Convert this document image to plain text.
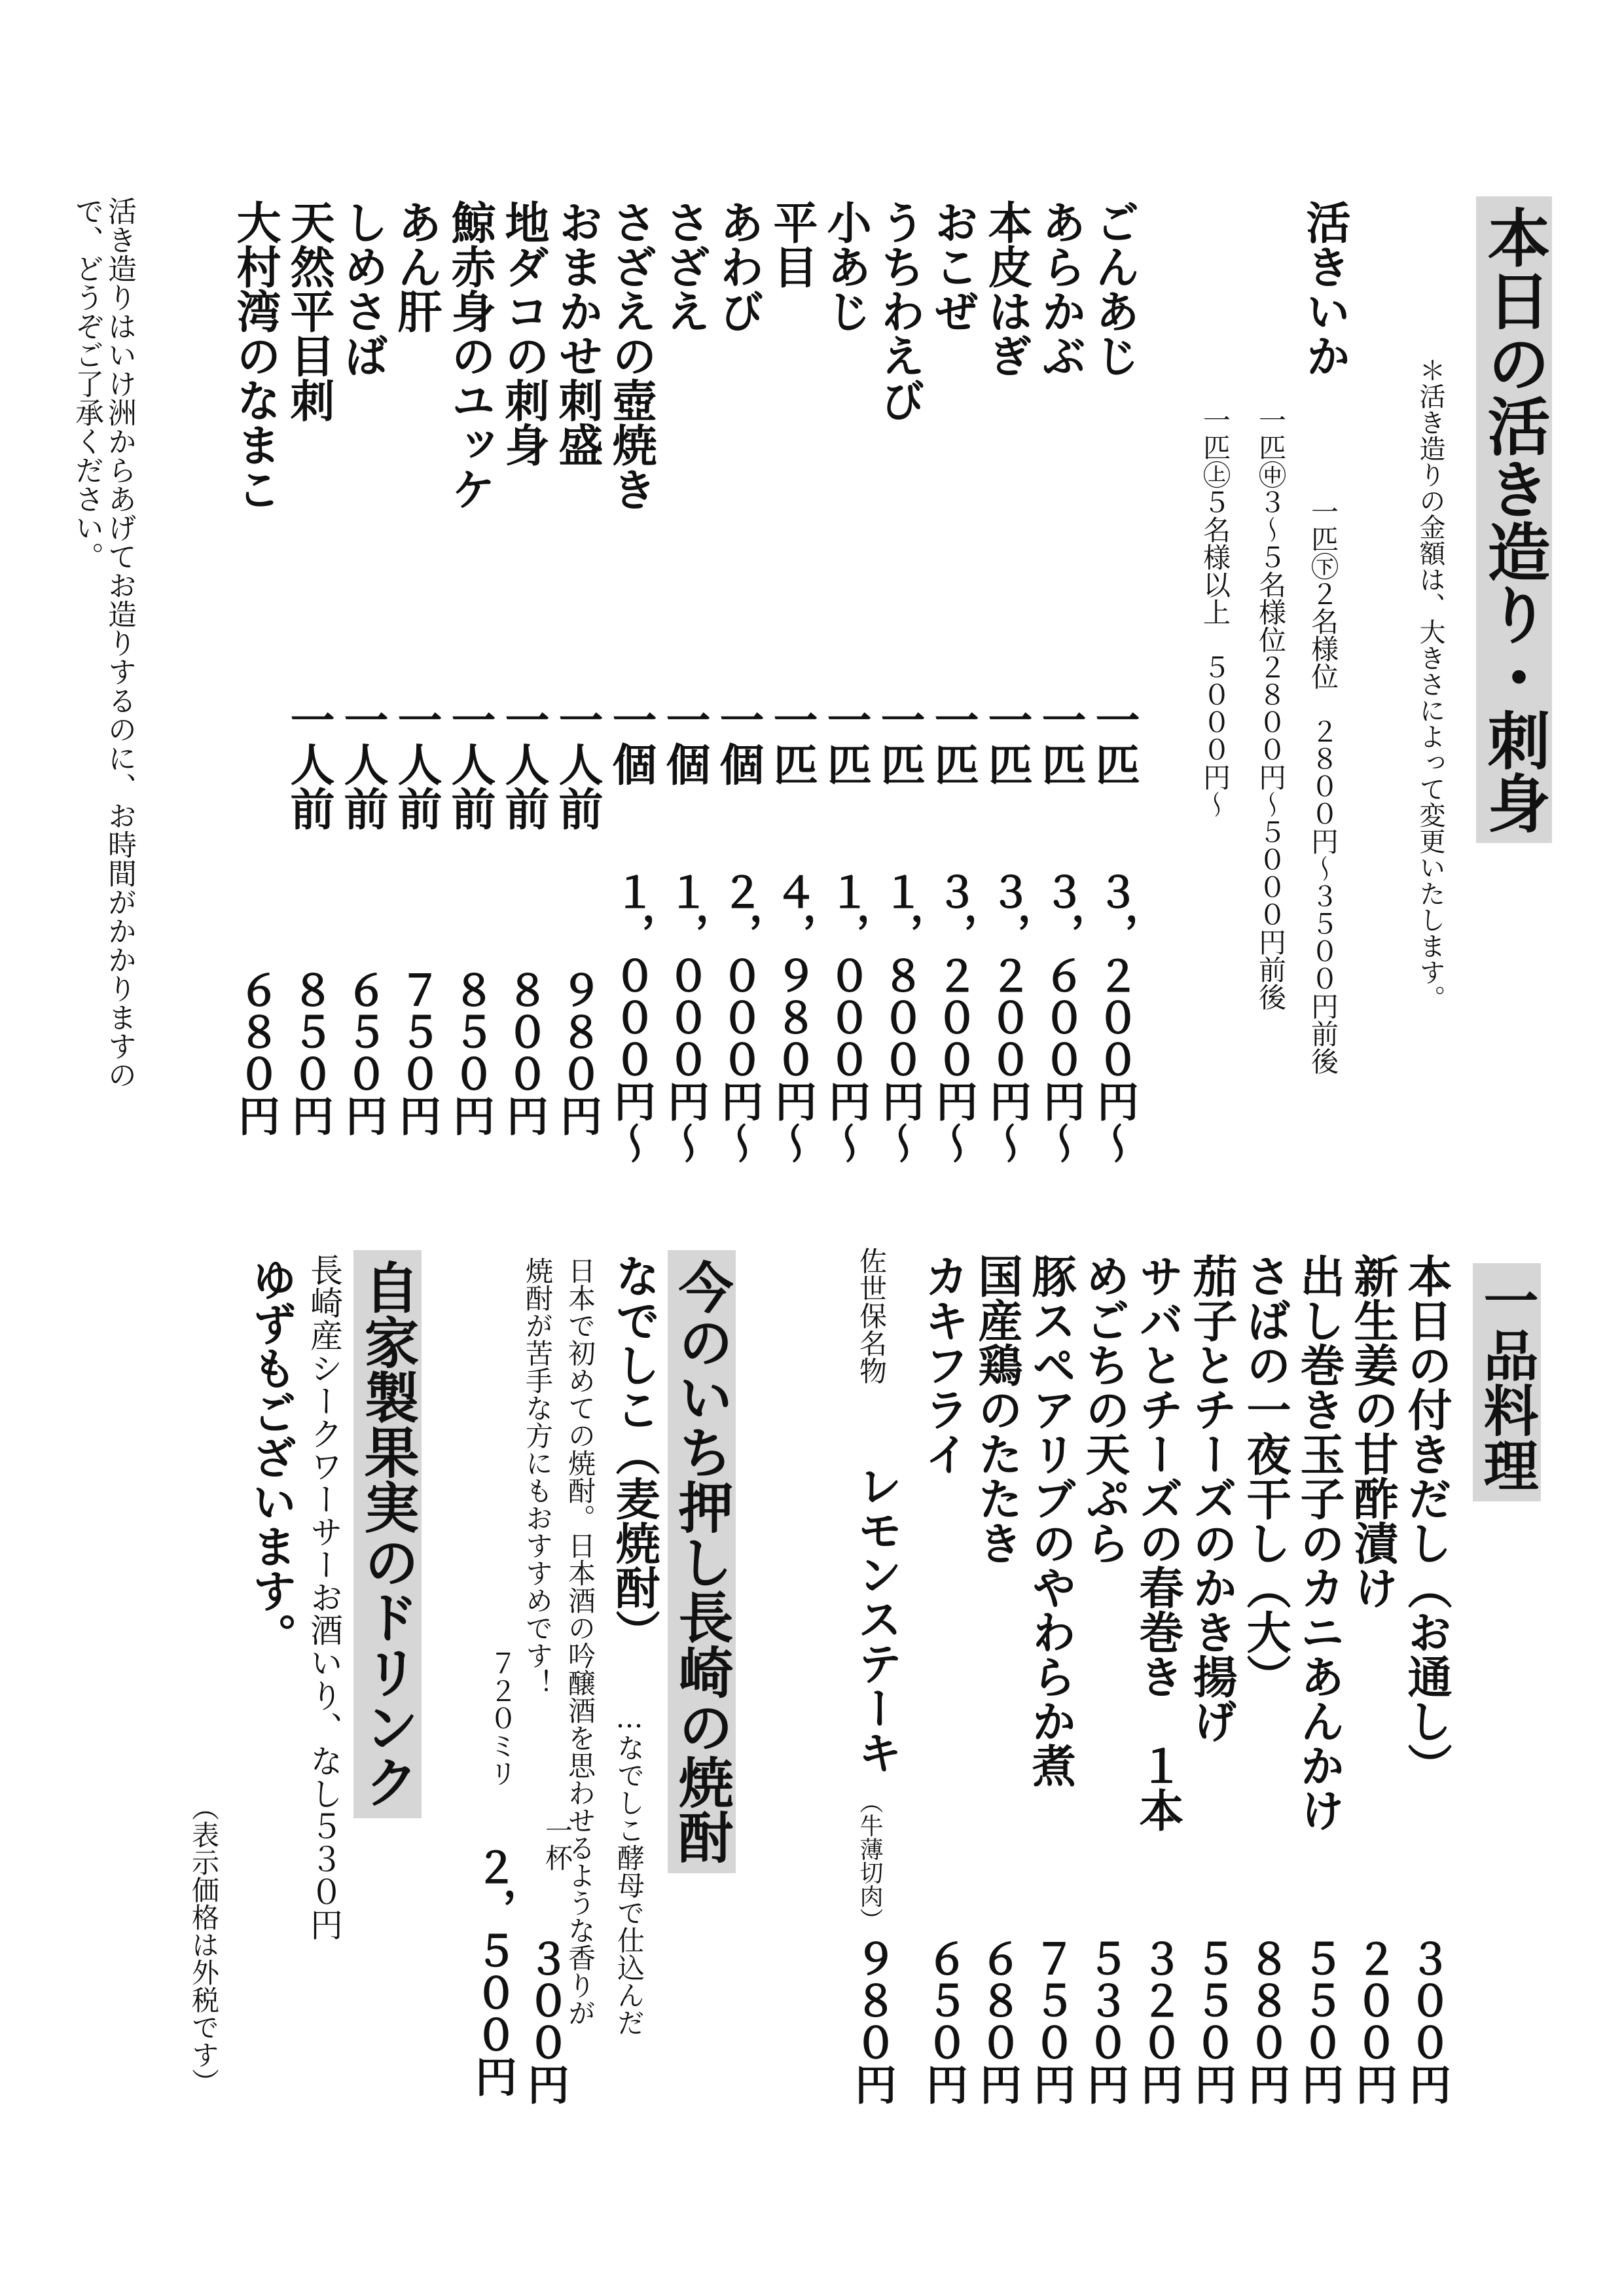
本日の活き造り・刺身
＊活き造りの金額は、大きさによって変更いたします。
活きいか
一匹㊦２名様位　２８００円〜３５００円前後
一匹㊥３〜５名様位２８００円〜５０００円前後
一匹㊤５名様以上　５０００円〜
ごんあじ
一匹
３，２００円〜
あらかぶ
一匹
３，６００円〜
本皮はぎ
一匹
３，２００円〜
おこぜ
一匹
３，２００円〜
うちわえび
一匹
１，８００円〜
小あじ
一匹
１，０００円〜
平目
一匹
４，９８０円〜
あわび
一個
２，０００円〜
さざえ
一個
１，０００円〜
さざえの壺焼き
一個
１，０００円〜
おまかせ刺盛
一人前
９８０円
地ダコの刺身
一人前
８００円
鯨赤身のユッケ
一人前
８５０円
あん肝
一人前
７５０円
しめさば
一人前
６５０円
天然平目刺
一人前
８５０円
大村湾のなまこ
６８０円
活き造りはいけ洲からあげてお造りするのに、お時間がかかりますの
で、どうぞご了承ください。
一品料理
本日の付きだし（お通し）
３００円
新生姜の甘酢漬け
２００円
出し巻き玉子のカニあんかけ
５５０円
さばの一夜干し（大）
８８０円
茄子とチーズのかき揚げ
５５０円
サバとチーズの春巻き　１本
３２０円
めごちの天ぷら
５３０円
豚スペアリブのやわらか煮
７５０円
国産鶏のたたき
６８０円
カキフライ
６５０円
佐世保名物
レモンステーキ
（牛薄切肉）
９８０円
今のいち押し長崎の焼酎
なでしこ（麦焼酎）
…なでしこ酵母で仕込んだ
日本で初めての焼酎。日本酒の吟醸酒を思わせるような香りが
焼酎が苦手な方にもおすすめです！
一杯
３００円
７２０ミリ
２，５００円
自家製果実のドリンク
長崎産シークワーサーお酒いり、なし５３０円
ゆずもございます。
（表示価格は外税です）
